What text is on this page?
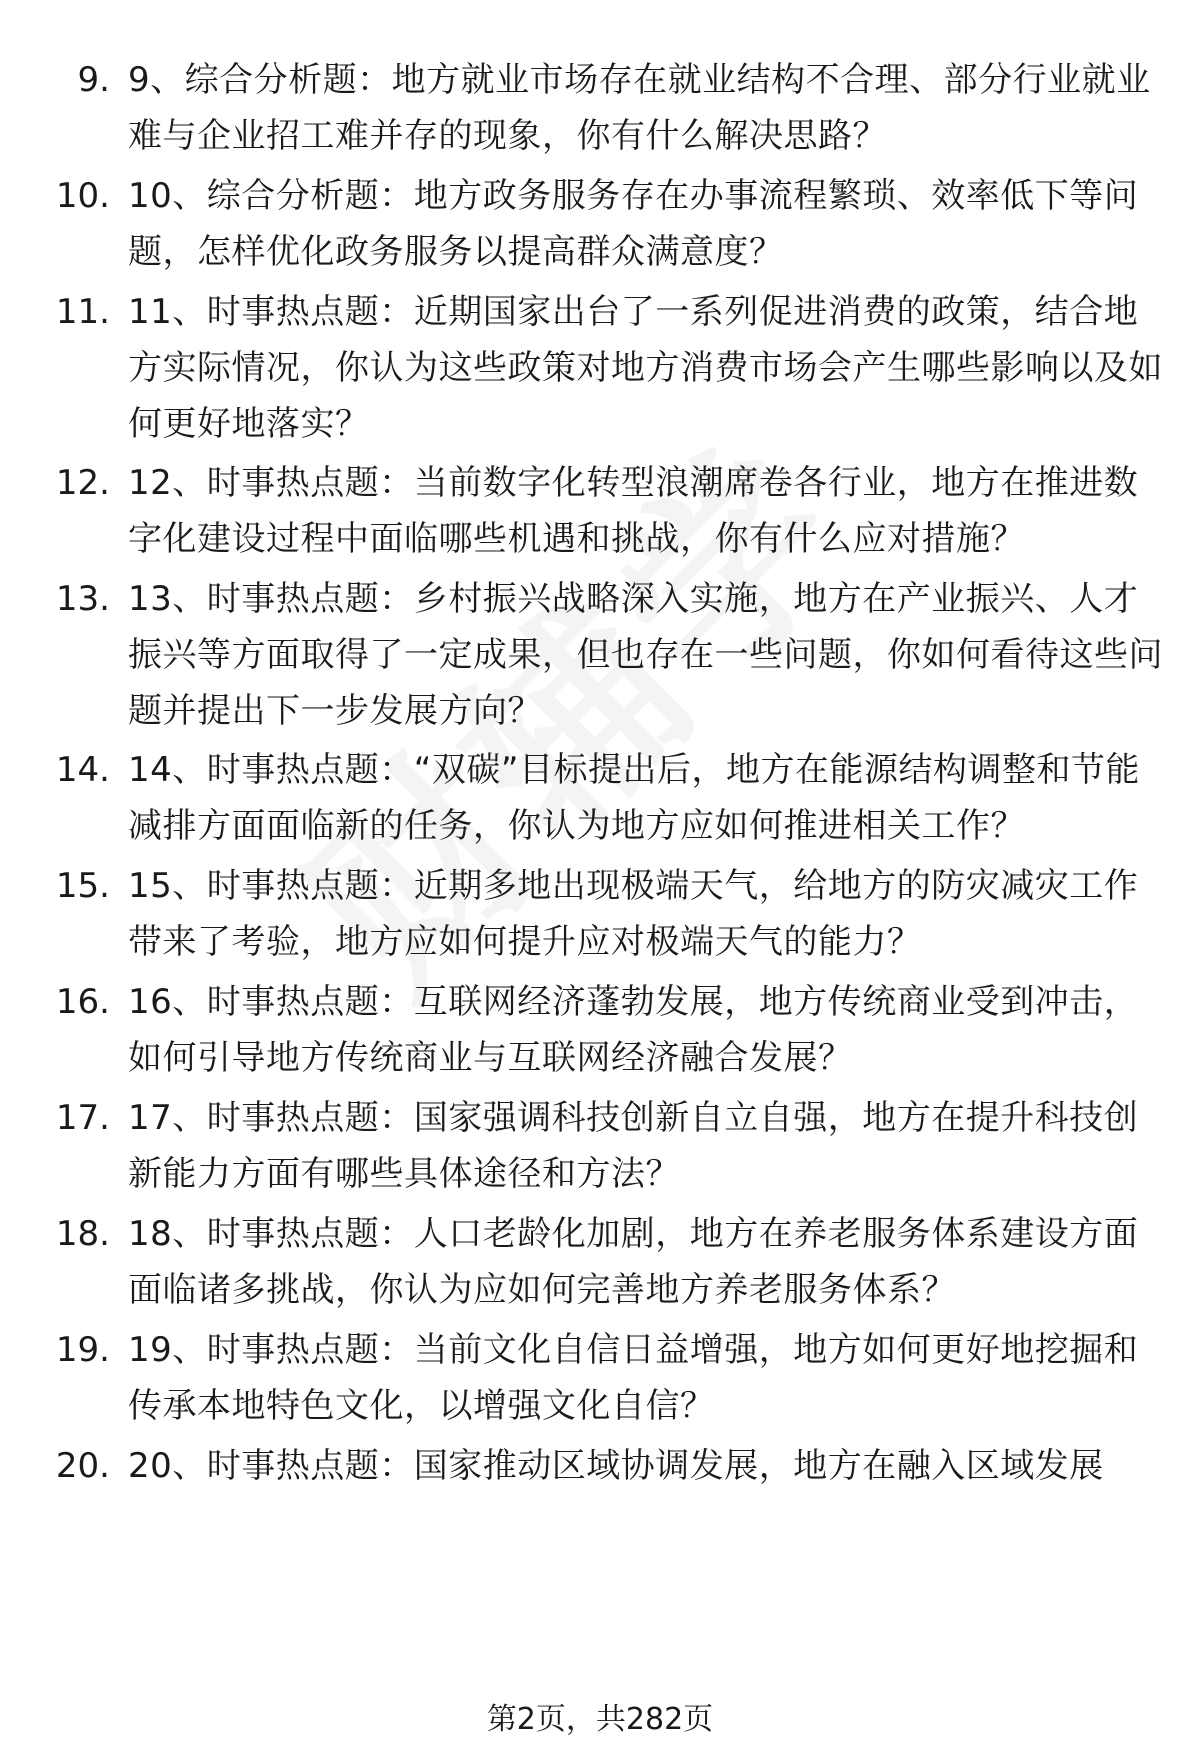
9. 9、综合分析题：地方就业市场存在就业结构不合理、部分行业就业难与企业招工难并存的现象，你有什么解决思路？
10. 10、综合分析题：地方政务服务存在办事流程繁琐、效率低下等问题，怎样优化政务服务以提高群众满意度？
11. 11、时事热点题：近期国家出台了一系列促进消费的政策，结合地方实际情况，你认为这些政策对地方消费市场会产生哪些影响以及如何更好地落实？
12. 12、时事热点题：当前数字化转型浪潮席卷各行业，地方在推进数字化建设过程中面临哪些机遇和挑战，你有什么应对措施？
13. 13、时事热点题：乡村振兴战略深入实施，地方在产业振兴、人才振兴等方面取得了一定成果，但也存在一些问题，你如何看待这些问题并提出下一步发展方向？
14. 14、时事热点题：“双碳”目标提出后，地方在能源结构调整和节能减排方面面临新的任务，你认为地方应如何推进相关工作？
15. 15、时事热点题：近期多地出现极端天气，给地方的防灾减灾工作带来了考验，地方应如何提升应对极端天气的能力？
16. 16、时事热点题：互联网经济蓬勃发展，地方传统商业受到冲击，如何引导地方传统商业与互联网经济融合发展？
17. 17、时事热点题：国家强调科技创新自立自强，地方在提升科技创新能力方面有哪些具体途径和方法？
18. 18、时事热点题：人口老龄化加剧，地方在养老服务体系建设方面面临诸多挑战，你认为应如何完善地方养老服务体系？
19. 19、时事热点题：当前文化自信日益增强，地方如何更好地挖掘和传承本地特色文化，以增强文化自信？
20. 20、时事热点题：国家推动区域协调发展，地方在融入区域发展
第2页，共282页
